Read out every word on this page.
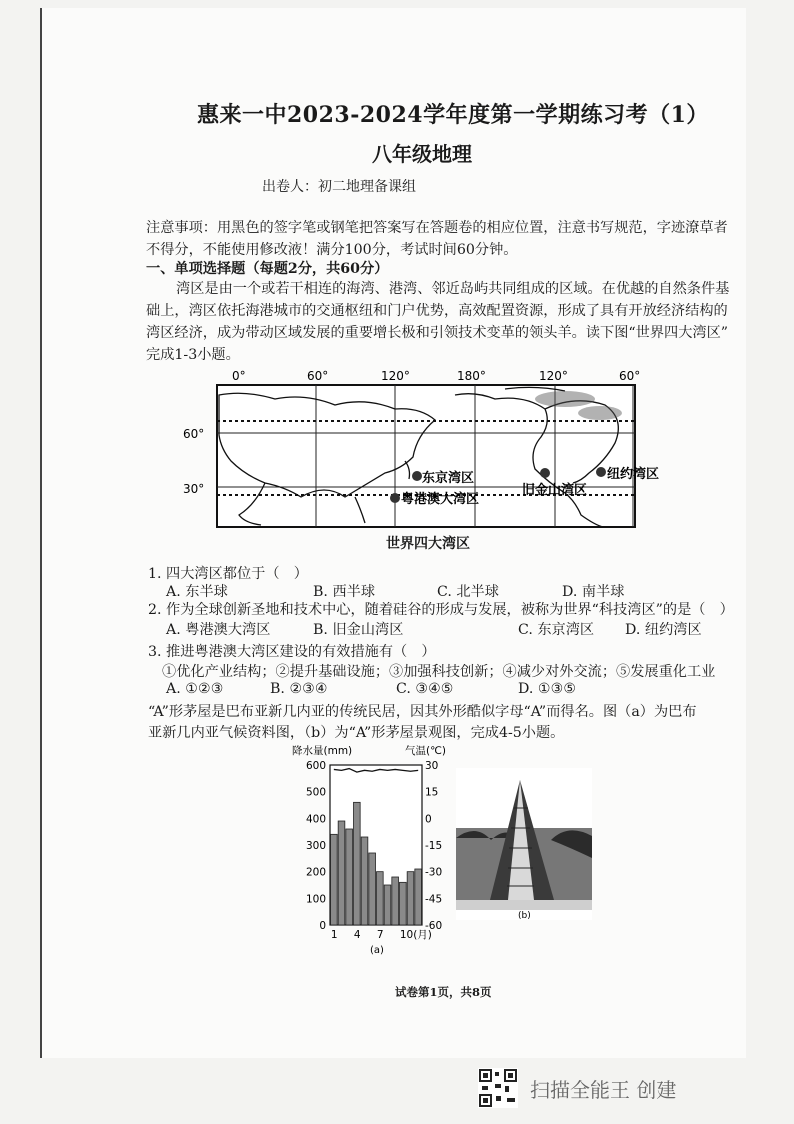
惠来一中2023-2024学年度第一学期练习考（1）
八年级地理
出卷人：初二地理备课组
注意事项：用黑色的签字笔或钢笔把答案写在答题卷的相应位置，注意书写规范，字迹潦草者
不得分，不能使用修改液！满分100分，考试时间60分钟。
一、单项选择题（每题2分，共60分）
湾区是由一个或若干相连的海湾、港湾、邻近岛屿共同组成的区域。在优越的自然条件基
础上，湾区依托海港城市的交通枢纽和门户优势，高效配置资源，形成了具有开放经济结构的
湾区经济，成为带动区域发展的重要增长极和引领技术变革的领头羊。读下图“世界四大湾区”
完成1-3小题。
0°	60°	120°	180°	120°	60°
60°
30°
东京湾区
粤港澳大湾区
旧金山湾区
纽约湾区
世界四大湾区
1. 四大湾区都位于（　）
A. 东半球	B. 西半球	C. 北半球	D. 南半球
2. 作为全球创新圣地和技术中心，随着硅谷的形成与发展，被称为世界“科技湾区”的是（　）
A. 粤港澳大湾区	B. 旧金山湾区	C. 东京湾区 D. 纽约湾区
3. 推进粤港澳大湾区建设的有效措施有（　）
①优化产业结构；②提升基础设施；③加强科技创新；④减少对外交流；⑤发展重化工业
A. ①②③	B. ②③④	C. ③④⑤	D. ①③⑤
“A”形茅屋是巴布亚新几内亚的传统民居，因其外形酷似字母“A”而得名。图（a）为巴布
亚新几内亚气候资料图，（b）为“A”形茅屋景观图，完成4-5小题。
降水量(mm)	气温(℃)
600
500
400
300
200
100
0
30
15
0
-15
-30
-45
-60
1 4 7 10(月)
(a)
(b)
试卷第1页，共8页
扫描全能王 创建
